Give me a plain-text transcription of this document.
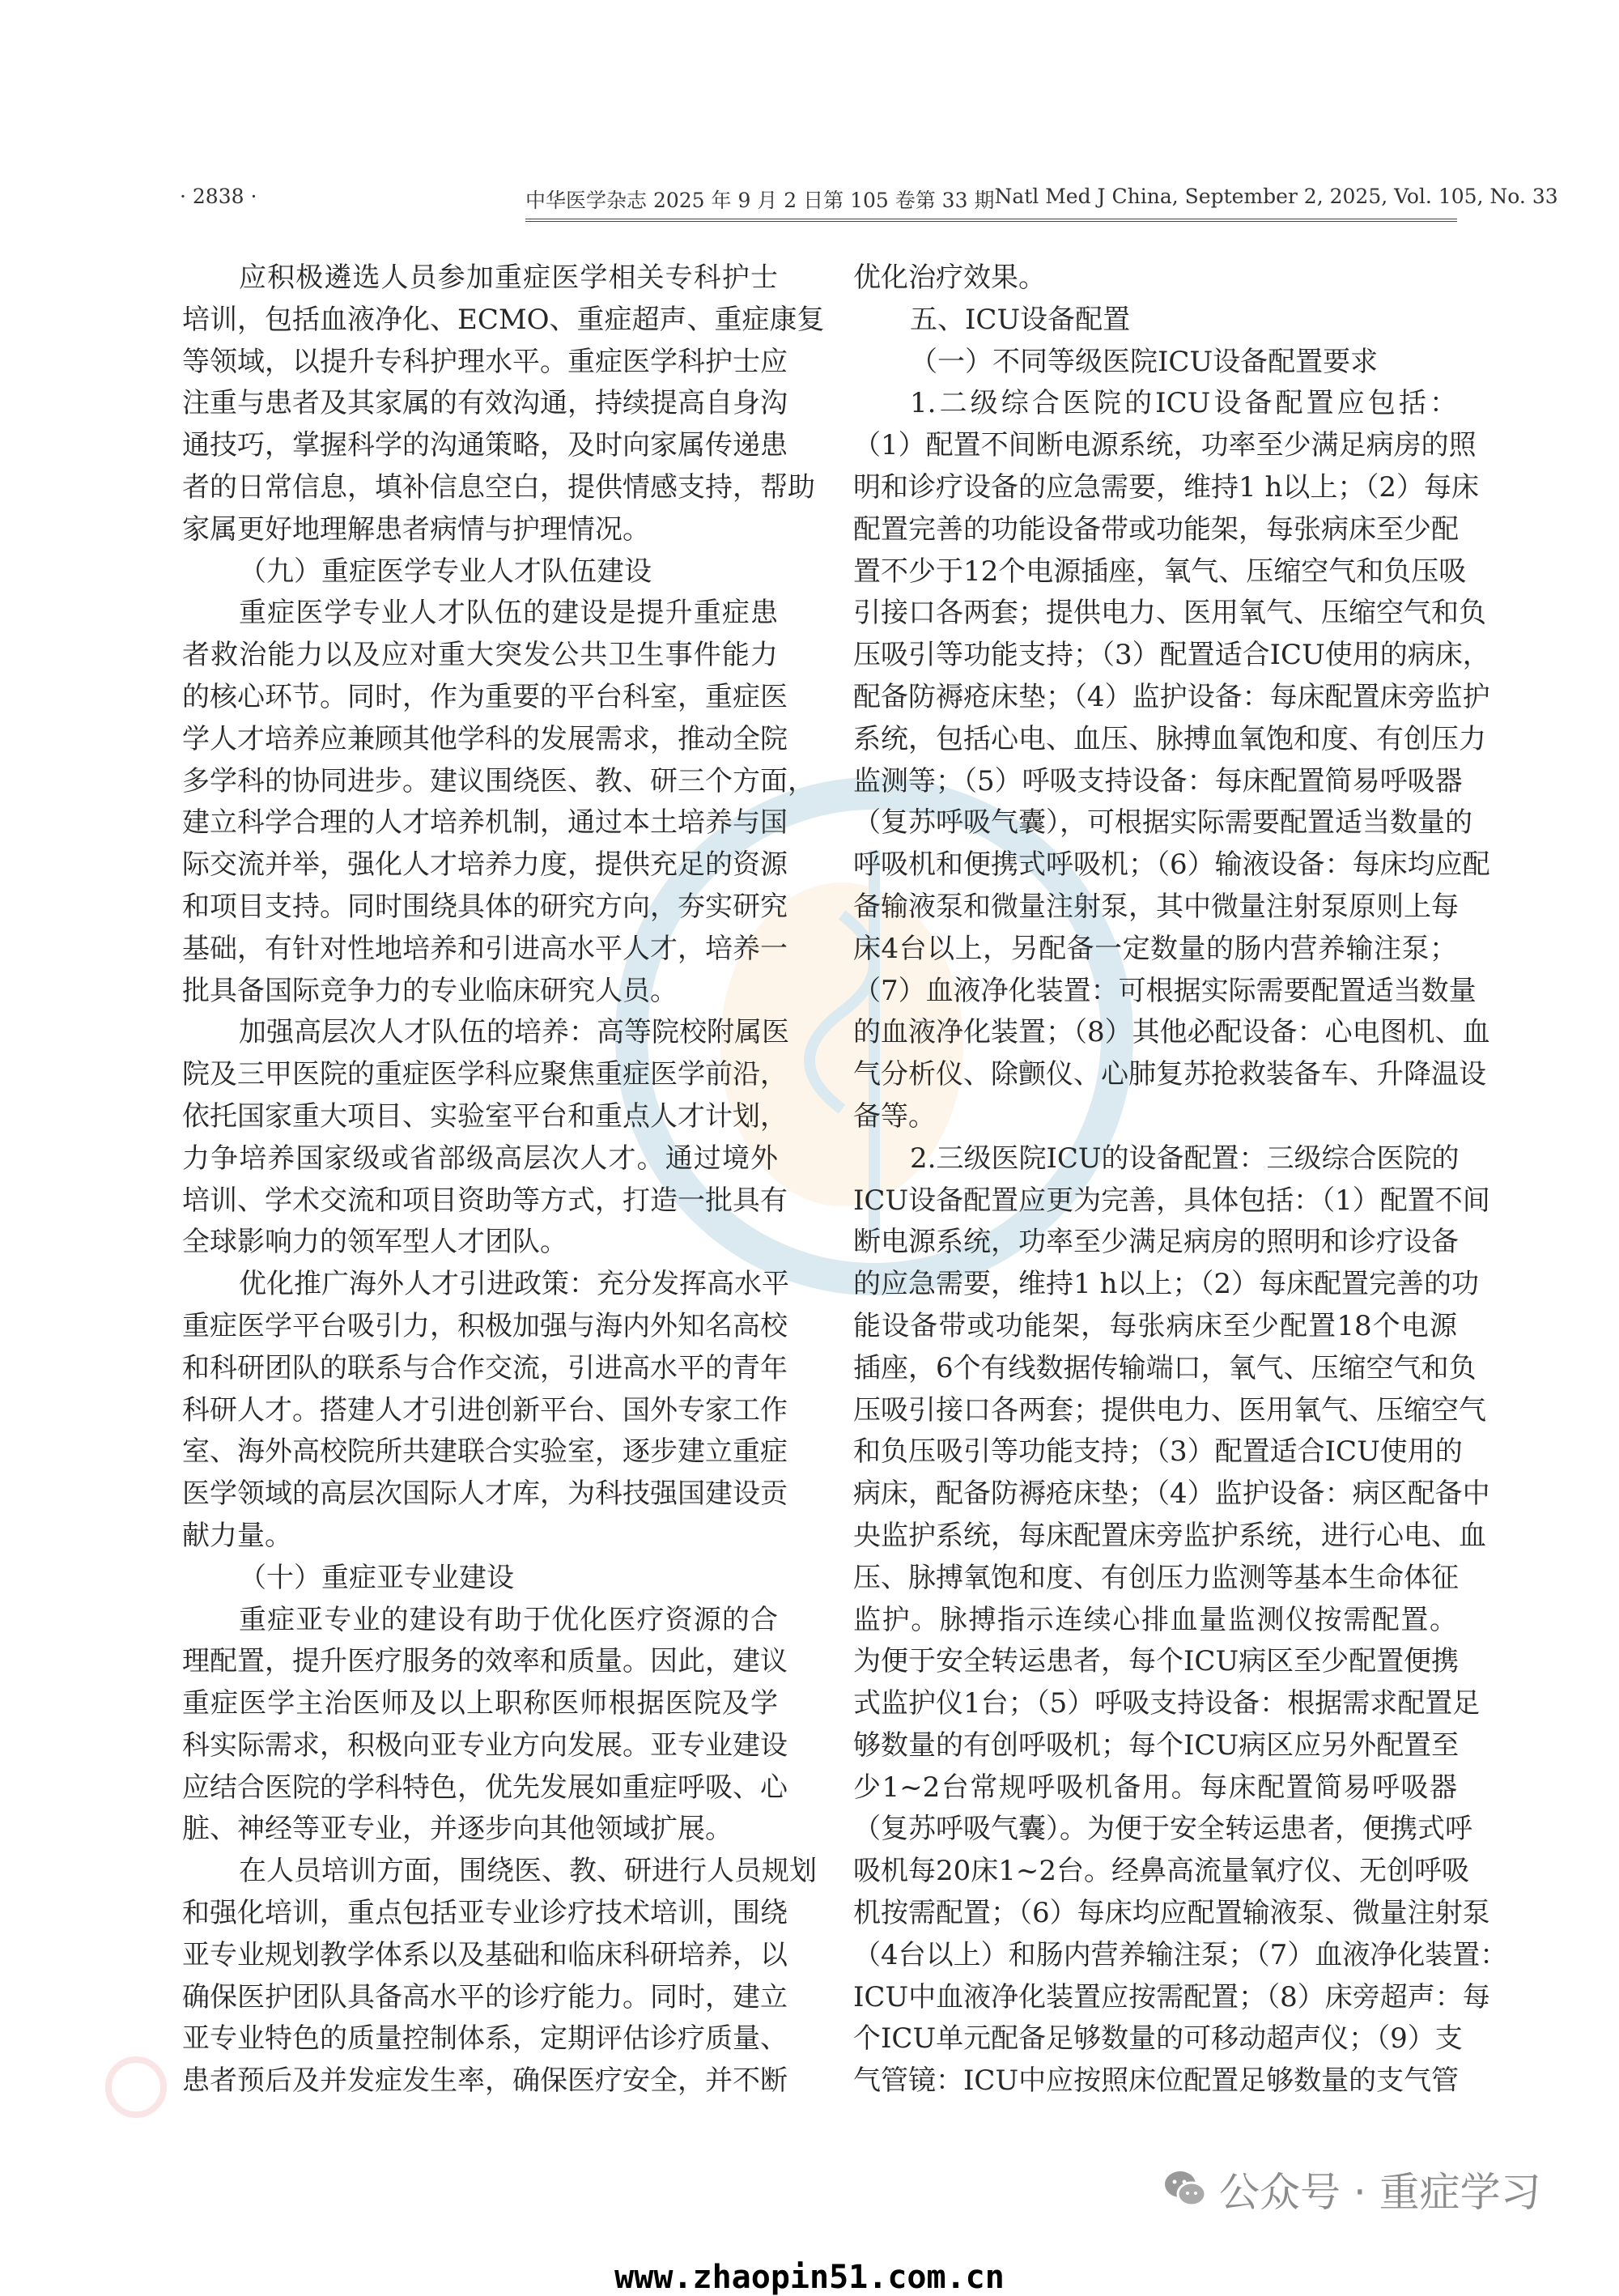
· 2838 ·	中华医学杂志 2025 年 9 月 2 日第 105 卷第 33 期 Natl Med J China, September 2, 2025, Vol. 105, No. 33
应积极遴选人员参加重症医学相关专科护士
培训，包括血液净化、ECMO、重症超声、重症康复
等领域，以提升专科护理水平。重症医学科护士应
注重与患者及其家属的有效沟通，持续提高自身沟
通技巧，掌握科学的沟通策略，及时向家属传递患
者的日常信息，填补信息空白，提供情感支持，帮助
家属更好地理解患者病情与护理情况。
（九）重症医学专业人才队伍建设
重症医学专业人才队伍的建设是提升重症患
者救治能力以及应对重大突发公共卫生事件能力
的核心环节。同时，作为重要的平台科室，重症医
学人才培养应兼顾其他学科的发展需求，推动全院
多学科的协同进步。建议围绕医、教、研三个方面，
建立科学合理的人才培养机制，通过本土培养与国
际交流并举，强化人才培养力度，提供充足的资源
和项目支持。同时围绕具体的研究方向，夯实研究
基础，有针对性地培养和引进高水平人才，培养一
批具备国际竞争力的专业临床研究人员。
加强高层次人才队伍的培养：高等院校附属医
院及三甲医院的重症医学科应聚焦重症医学前沿，
依托国家重大项目、实验室平台和重点人才计划，
力争培养国家级或省部级高层次人才。通过境外
培训、学术交流和项目资助等方式，打造一批具有
全球影响力的领军型人才团队。
优化推广海外人才引进政策：充分发挥高水平
重症医学平台吸引力，积极加强与海内外知名高校
和科研团队的联系与合作交流，引进高水平的青年
科研人才。搭建人才引进创新平台、国外专家工作
室、海外高校院所共建联合实验室，逐步建立重症
医学领域的高层次国际人才库，为科技强国建设贡
献力量。
（十）重症亚专业建设
重症亚专业的建设有助于优化医疗资源的合
理配置，提升医疗服务的效率和质量。因此，建议
重症医学主治医师及以上职称医师根据医院及学
科实际需求，积极向亚专业方向发展。亚专业建设
应结合医院的学科特色，优先发展如重症呼吸、心
脏、神经等亚专业，并逐步向其他领域扩展。
在人员培训方面，围绕医、教、研进行人员规划
和强化培训，重点包括亚专业诊疗技术培训，围绕
亚专业规划教学体系以及基础和临床科研培养，以
确保医护团队具备高水平的诊疗能力。同时，建立
亚专业特色的质量控制体系，定期评估诊疗质量、
患者预后及并发症发生率，确保医疗安全，并不断
优化治疗效果。
五、ICU设备配置
（一）不同等级医院ICU设备配置要求
1.二级综合医院的ICU设备配置应包括：
（1）配置不间断电源系统，功率至少满足病房的照
明和诊疗设备的应急需要，维持1 h以上；（2）每床
配置完善的功能设备带或功能架，每张病床至少配
置不少于12个电源插座，氧气、压缩空气和负压吸
引接口各两套；提供电力、医用氧气、压缩空气和负
压吸引等功能支持；（3）配置适合ICU使用的病床，
配备防褥疮床垫；（4）监护设备：每床配置床旁监护
系统，包括心电、血压、脉搏血氧饱和度、有创压力
监测等；（5）呼吸支持设备：每床配置简易呼吸器
（复苏呼吸气囊），可根据实际需要配置适当数量的
呼吸机和便携式呼吸机；（6）输液设备：每床均应配
备输液泵和微量注射泵，其中微量注射泵原则上每
床4台以上，另配备一定数量的肠内营养输注泵；
（7）血液净化装置：可根据实际需要配置适当数量
的血液净化装置；（8）其他必配设备：心电图机、血
气分析仪、除颤仪、心肺复苏抢救装备车、升降温设
备等。
2.三级医院ICU的设备配置：三级综合医院的
ICU设备配置应更为完善，具体包括：（1）配置不间
断电源系统，功率至少满足病房的照明和诊疗设备
的应急需要，维持1 h以上；（2）每床配置完善的功
能设备带或功能架，每张病床至少配置18个电源
插座，6个有线数据传输端口，氧气、压缩空气和负
压吸引接口各两套；提供电力、医用氧气、压缩空气
和负压吸引等功能支持；（3）配置适合ICU使用的
病床，配备防褥疮床垫；（4）监护设备：病区配备中
央监护系统，每床配置床旁监护系统，进行心电、血
压、脉搏氧饱和度、有创压力监测等基本生命体征
监护。脉搏指示连续心排血量监测仪按需配置。
为便于安全转运患者，每个ICU病区至少配置便携
式监护仪1台；（5）呼吸支持设备：根据需求配置足
够数量的有创呼吸机；每个ICU病区应另外配置至
少1~2台常规呼吸机备用。每床配置简易呼吸器
（复苏呼吸气囊）。为便于安全转运患者，便携式呼
吸机每20床1~2台。经鼻高流量氧疗仪、无创呼吸
机按需配置；（6）每床均应配置输液泵、微量注射泵
（4台以上）和肠内营养输注泵；（7）血液净化装置：
ICU中血液净化装置应按需配置；（8）床旁超声：每
个ICU单元配备足够数量的可移动超声仪；（9）支
气管镜：ICU中应按照床位配置足够数量的支气管
公众号 · 重症学习
www.zhaopin51.com.cn
